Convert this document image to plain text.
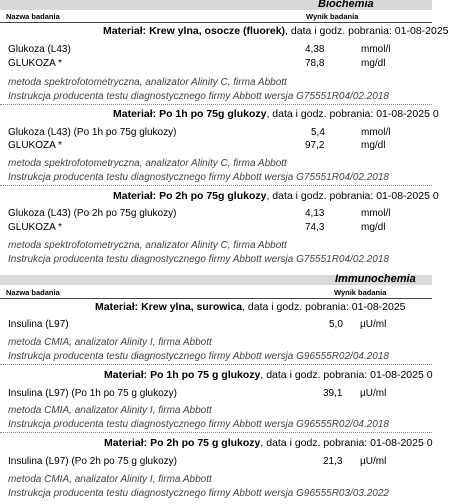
Biochemia
Nazwa badania	Wynik badania
Materiał: Krew ylna, osocze (fluorek), data i godz. pobrania: 01-08-2025
Glukoza (L43)	4,38	mmol/l
GLUKOZA *	78,8	mg/dl
metoda spektrofotometryczna, analizator Alinity C, firma Abbott
Instrukcja producenta testu diagnostycznego firmy Abbott wersja G75551R04/02.2018
Materiał: Po 1h po 75g glukozy, data i godz. pobrania: 01-08-2025 0
Glukoza (L43) (Po 1h po 75g glukozy)	5,4	mmol/l
GLUKOZA *	97,2	mg/dl
metoda spektrofotometryczna, analizator Alinity C, firma Abbott
Instrukcja producenta testu diagnostycznego firmy Abbott wersja G75551R04/02.2018
Materiał: Po 2h po 75g glukozy, data i godz. pobrania: 01-08-2025 0
Glukoza (L43) (Po 2h po 75g glukozy)	4,13	mmol/l
GLUKOZA *	74,3	mg/dl
metoda spektrofotometryczna, analizator Alinity C, firma Abbott
Instrukcja producenta testu diagnostycznego firmy Abbott wersja G75551R04/02.2018
Immunochemia
Nazwa badania	Wynik badania
Materiał: Krew ylna, surowica, data i godz. pobrania: 01-08-2025
Insulina (L97)	5,0 µU/ml
metoda CMIA, analizator Alinity I, firma Abbott
Instrukcja producenta testu diagnostycznego firmy Abbott wersja G96555R02/04.2018
Materiał: Po 1h po 75 g glukozy, data i godz. pobrania: 01-08-2025 0
Insulina (L97) (Po 1h po 75 g glukozy)	39,1 µU/ml
metoda CMIA, analizator Alinity I, firma Abbott
Instrukcja producenta testu diagnostycznego firmy Abbott wersja G96555R02/04.2018
Materiał: Po 2h po 75 g glukozy, data i godz. pobrania: 01-08-2025 0
Insulina (L97) (Po 2h po 75 g glukozy)	21,3 µU/ml
metoda CMIA, analizator Alinity I, firma Abbott
Instrukcja producenta testu diagnostycznego firmy Abbott wersja G96555R03/03.2022
